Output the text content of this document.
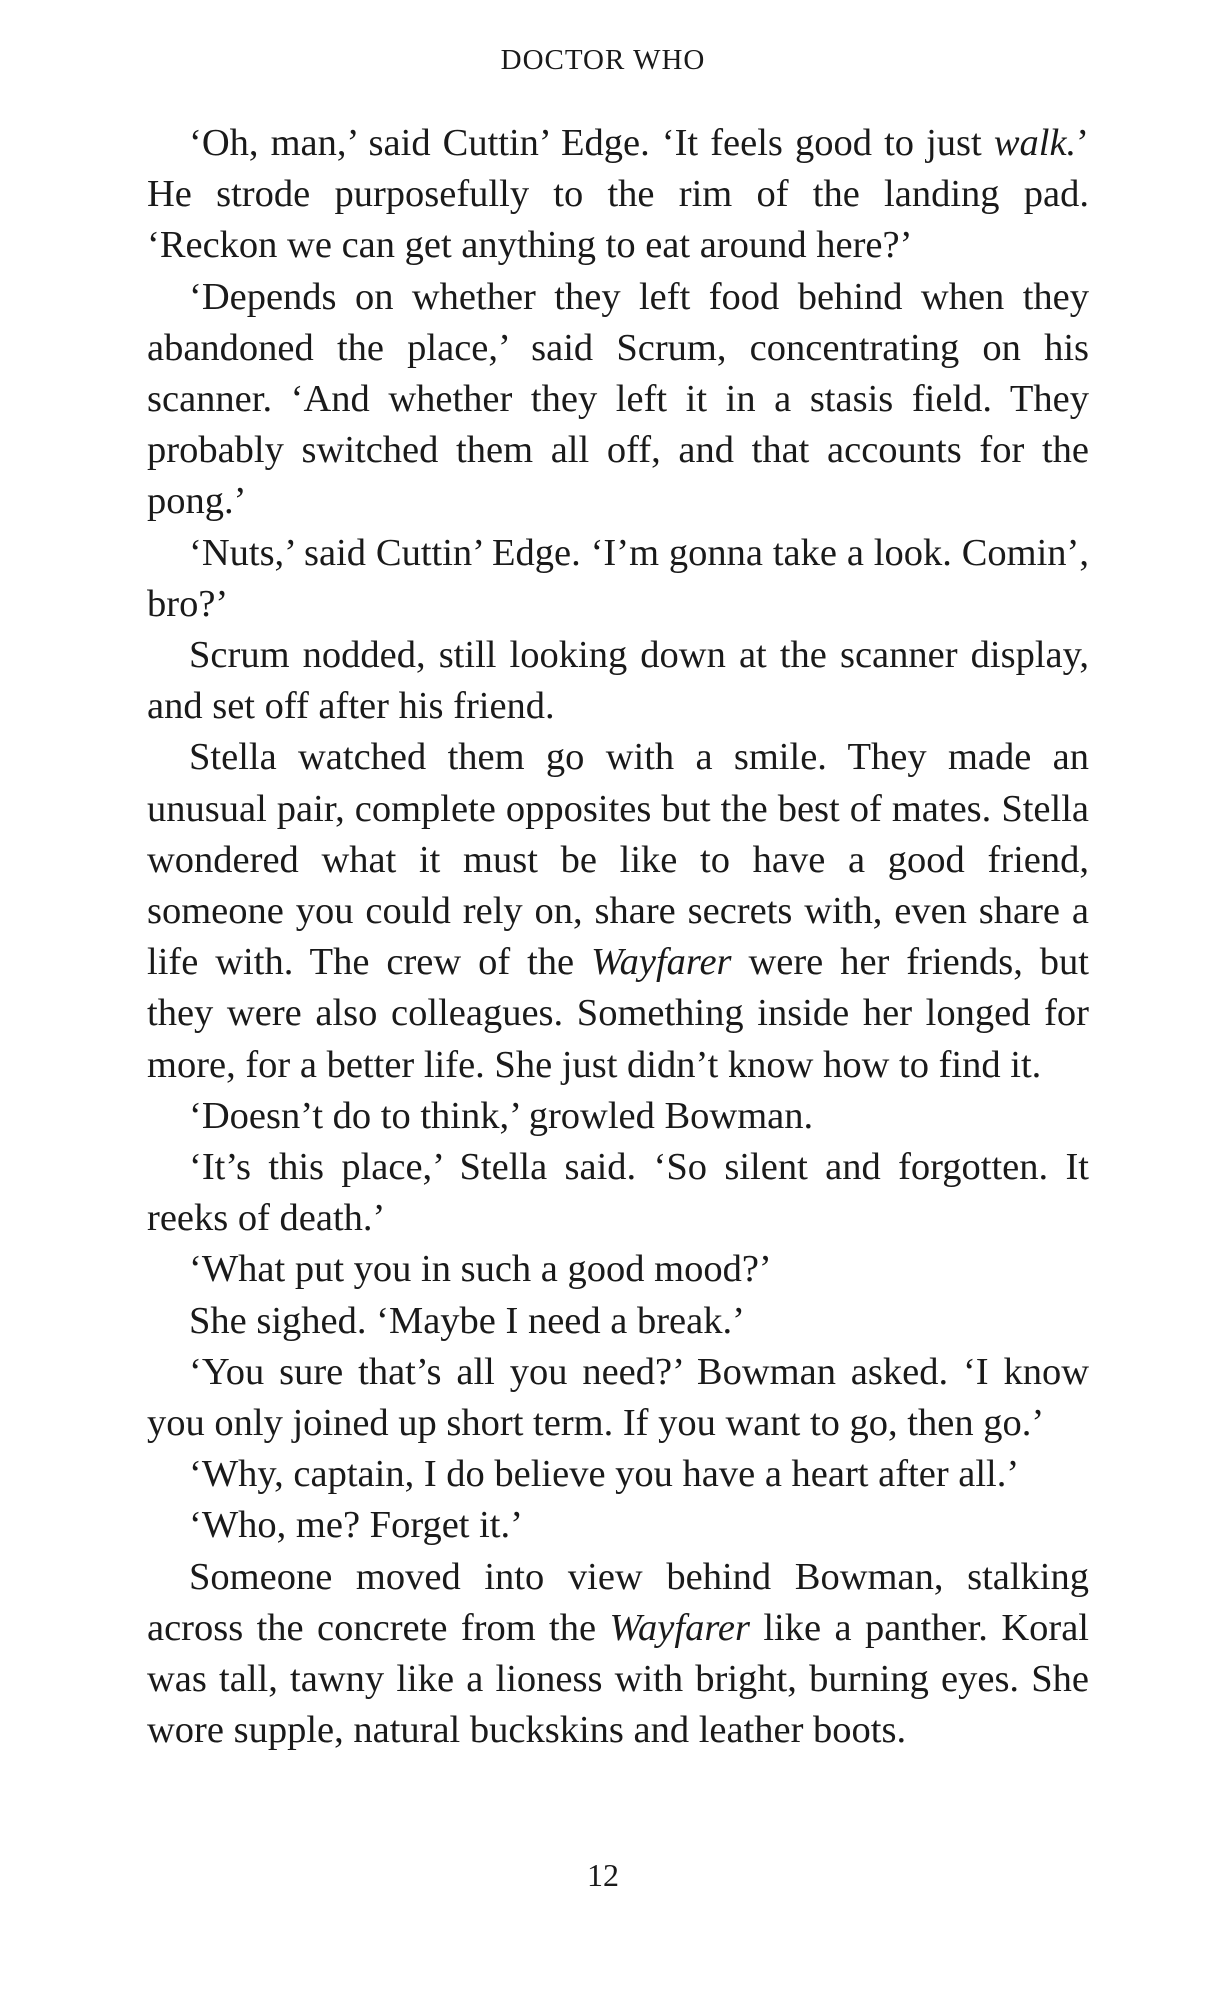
DOCTOR WHO

‘Oh, man,’ said Cuttin’ Edge. ‘It feels good to just walk.’ He strode purposefully to the rim of the landing pad. ‘Reckon we can get anything to eat around here?’

‘Depends on whether they left food behind when they abandoned the place,’ said Scrum, concentrating on his scanner. ‘And whether they left it in a stasis field. They probably switched them all off, and that accounts for the pong.’

‘Nuts,’ said Cuttin’ Edge. ‘I’m gonna take a look. Comin’, bro?’

Scrum nodded, still looking down at the scanner display, and set off after his friend.

Stella watched them go with a smile. They made an unusual pair, complete opposites but the best of mates. Stella wondered what it must be like to have a good friend, someone you could rely on, share secrets with, even share a life with. The crew of the Wayfarer were her friends, but they were also colleagues. Something inside her longed for more, for a better life. She just didn’t know how to find it.

‘Doesn’t do to think,’ growled Bowman.

‘It’s this place,’ Stella said. ‘So silent and forgotten. It reeks of death.’

‘What put you in such a good mood?’

She sighed. ‘Maybe I need a break.’

‘You sure that’s all you need?’ Bowman asked. ‘I know you only joined up short term. If you want to go, then go.’

‘Why, captain, I do believe you have a heart after all.’

‘Who, me? Forget it.’

Someone moved into view behind Bowman, stalking across the concrete from the Wayfarer like a panther. Koral was tall, tawny like a lioness with bright, burning eyes. She wore supple, natural buckskins and leather boots.

12
